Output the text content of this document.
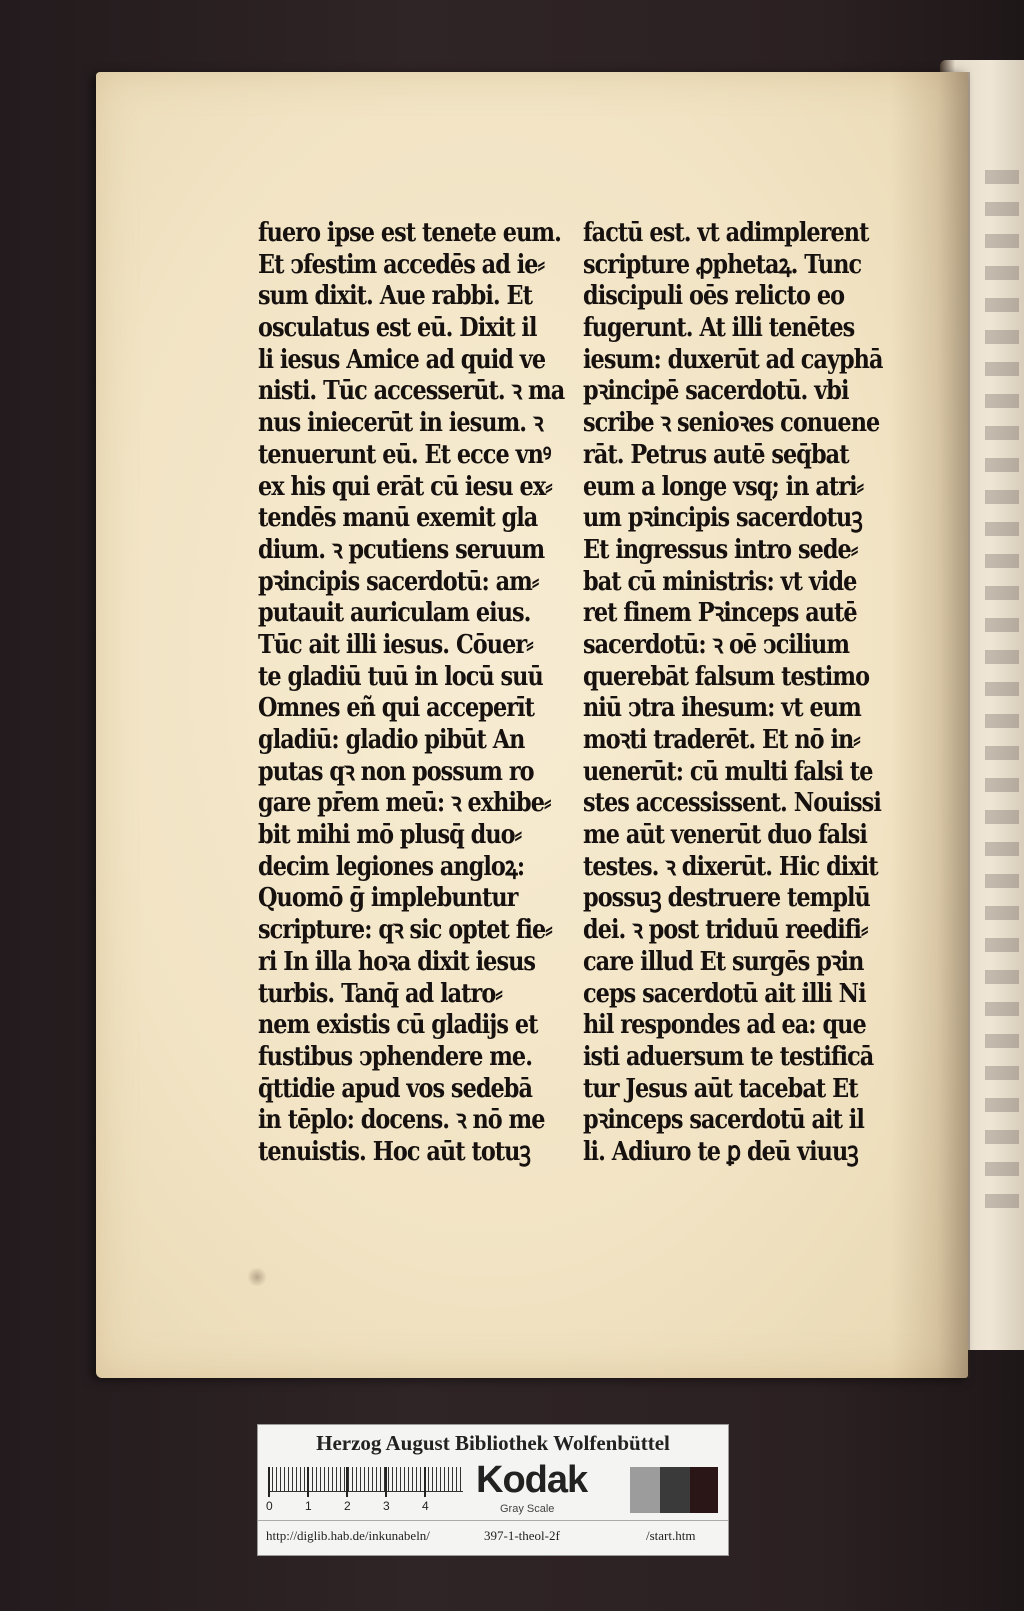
fuero ipse est tenete eum.
Et ↄfestim accedēs ad ie⸗
sum dixit. Aue rabbi. Et
osculatus est eū. Dixit il
li iesus Amice ad quid ve
nisti. Tūc accesserūt. ꝛ ma
nus iniecerūt in iesum. ꝛ
tenuerunt eū. Et ecce vnꝰ
ex his qui erāt cū iesu ex⸗
tendēs manū exemit gla
dium. ꝛ pcutiens seruum
pꝛincipis sacerdotū: am⸗
putauit auriculam eius.
Tūc ait illi iesus. Cōuer⸗
te gladiū tuū in locū suū
Omnes eñ qui acceperīt
gladiū: gladio pibūt An
putas qꝛ non possum ro
gare pr̄em meū: ꝛ exhibe⸗
bit mihi mō plusq̄ duo⸗
decim legiones angloꝝ:
Quomō ḡ implebuntur
scripture: qꝛ sic optet fie⸗
ri In illa hoꝛa dixit iesus
turbis. Tanq̄ ad latro⸗
nem existis cū gladijs et
fustibus ↄphendere me.
q̄ttidie apud vos sedebā
in tēplo: docens. ꝛ nō me
tenuistis. Hoc aūt totuꝫ
factū est. vt adimplerent
scripture ꝓphetaꝝ. Tunc
discipuli oēs relicto eo
fugerunt. At illi tenētes
iesum: duxerūt ad cayphā
pꝛincipē sacerdotū. vbi
scribe ꝛ senioꝛes conuene
rāt. Petrus autē seq̄bat
eum a longe vsq; in atri⸗
um pꝛincipis sacerdotuꝫ
Et ingressus intro sede⸗
bat cū ministris: vt vide
ret finem Pꝛinceps autē
sacerdotū: ꝛ oē ↄcilium
querebāt falsum testimo
niū ↄtra ihesum: vt eum
moꝛti traderēt. Et nō in⸗
uenerūt: cū multi falsi te
stes accessissent. Nouissi
me aūt venerūt duo falsi
testes. ꝛ dixerūt. Hic dixit
possuꝫ destruere templū
dei. ꝛ post triduū reedifi⸗
care illud Et surgēs pꝛin
ceps sacerdotū ait illi Ni
hil respondes ad ea: que
isti aduersum te testificā
tur Jesus aūt tacebat Et
pꝛinceps sacerdotū ait il
li. Adiuro te ꝑ deū viuuꝫ
Herzog August Bibliothek Wolfenbüttel
0	1	2	3	4
Kodak
Gray Scale
http://diglib.hab.de/inkunabeln/	397-1-theol-2f	/start.htm
